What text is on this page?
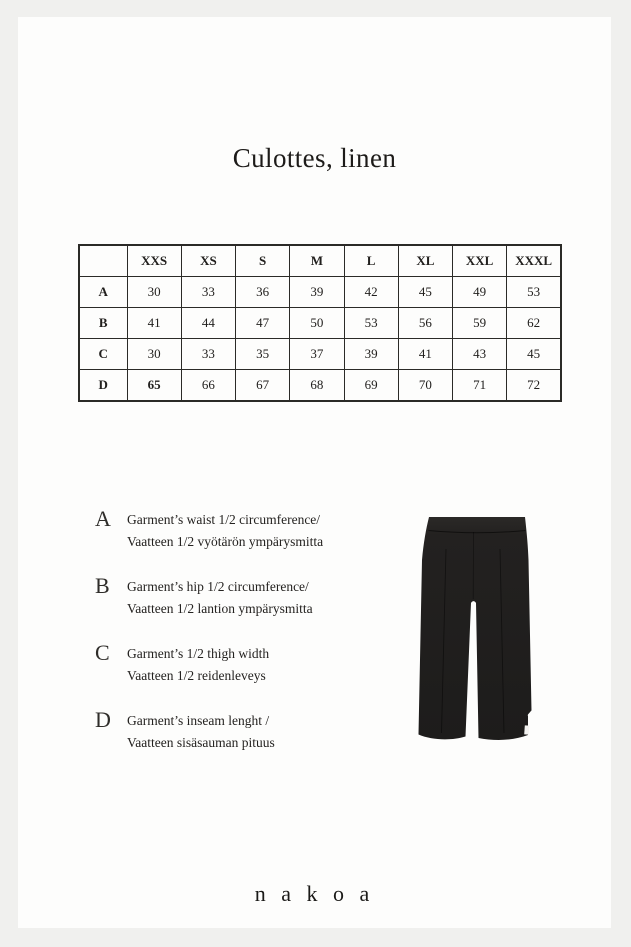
Culottes, linen
	XXS	XS	S	M	L	XL	XXL	XXXL
A	30	33	36	39	42	45	49	53
B	41	44	47	50	53	56	59	62
C	30	33	35	37	39	41	43	45
D	65	66	67	68	69	70	71	72
A	Garment’s waist 1/2 circumference/
Vaatteen 1/2 vyötärön ympärysmitta
B	Garment’s hip 1/2 circumference/
Vaatteen 1/2 lantion ympärysmitta
C	Garment’s 1/2 thigh width
Vaatteen 1/2 reidenleveys
D	Garment’s inseam lenght /
Vaatteen sisäsauman pituus
n a k o a
